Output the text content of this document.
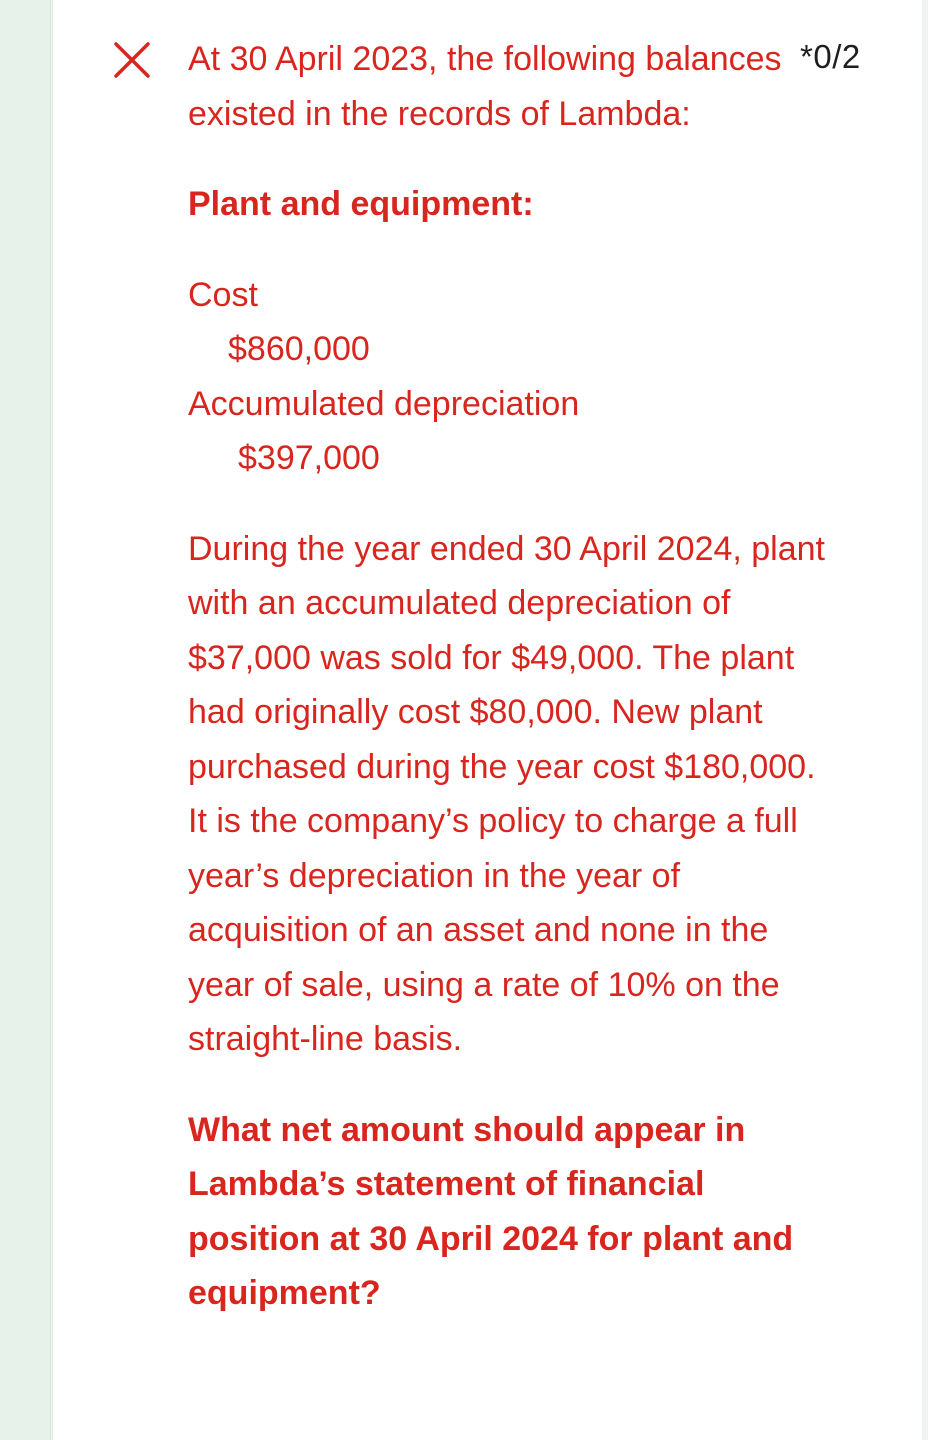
*0/2

At 30 April 2023, the following balances existed in the records of Lambda:

Plant and equipment:

Cost

$860,000

Accumulated depreciation

$397,000

During the year ended 30 April 2024, plant with an accumulated depreciation of $37,000 was sold for $49,000. The plant had originally cost $80,000. New plant purchased during the year cost $180,000. It is the company’s policy to charge a full year’s depreciation in the year of acquisition of an asset and none in the year of sale, using a rate of 10% on the straight-line basis.

What net amount should appear in Lambda’s statement of financial position at 30 April 2024 for plant and equipment?
